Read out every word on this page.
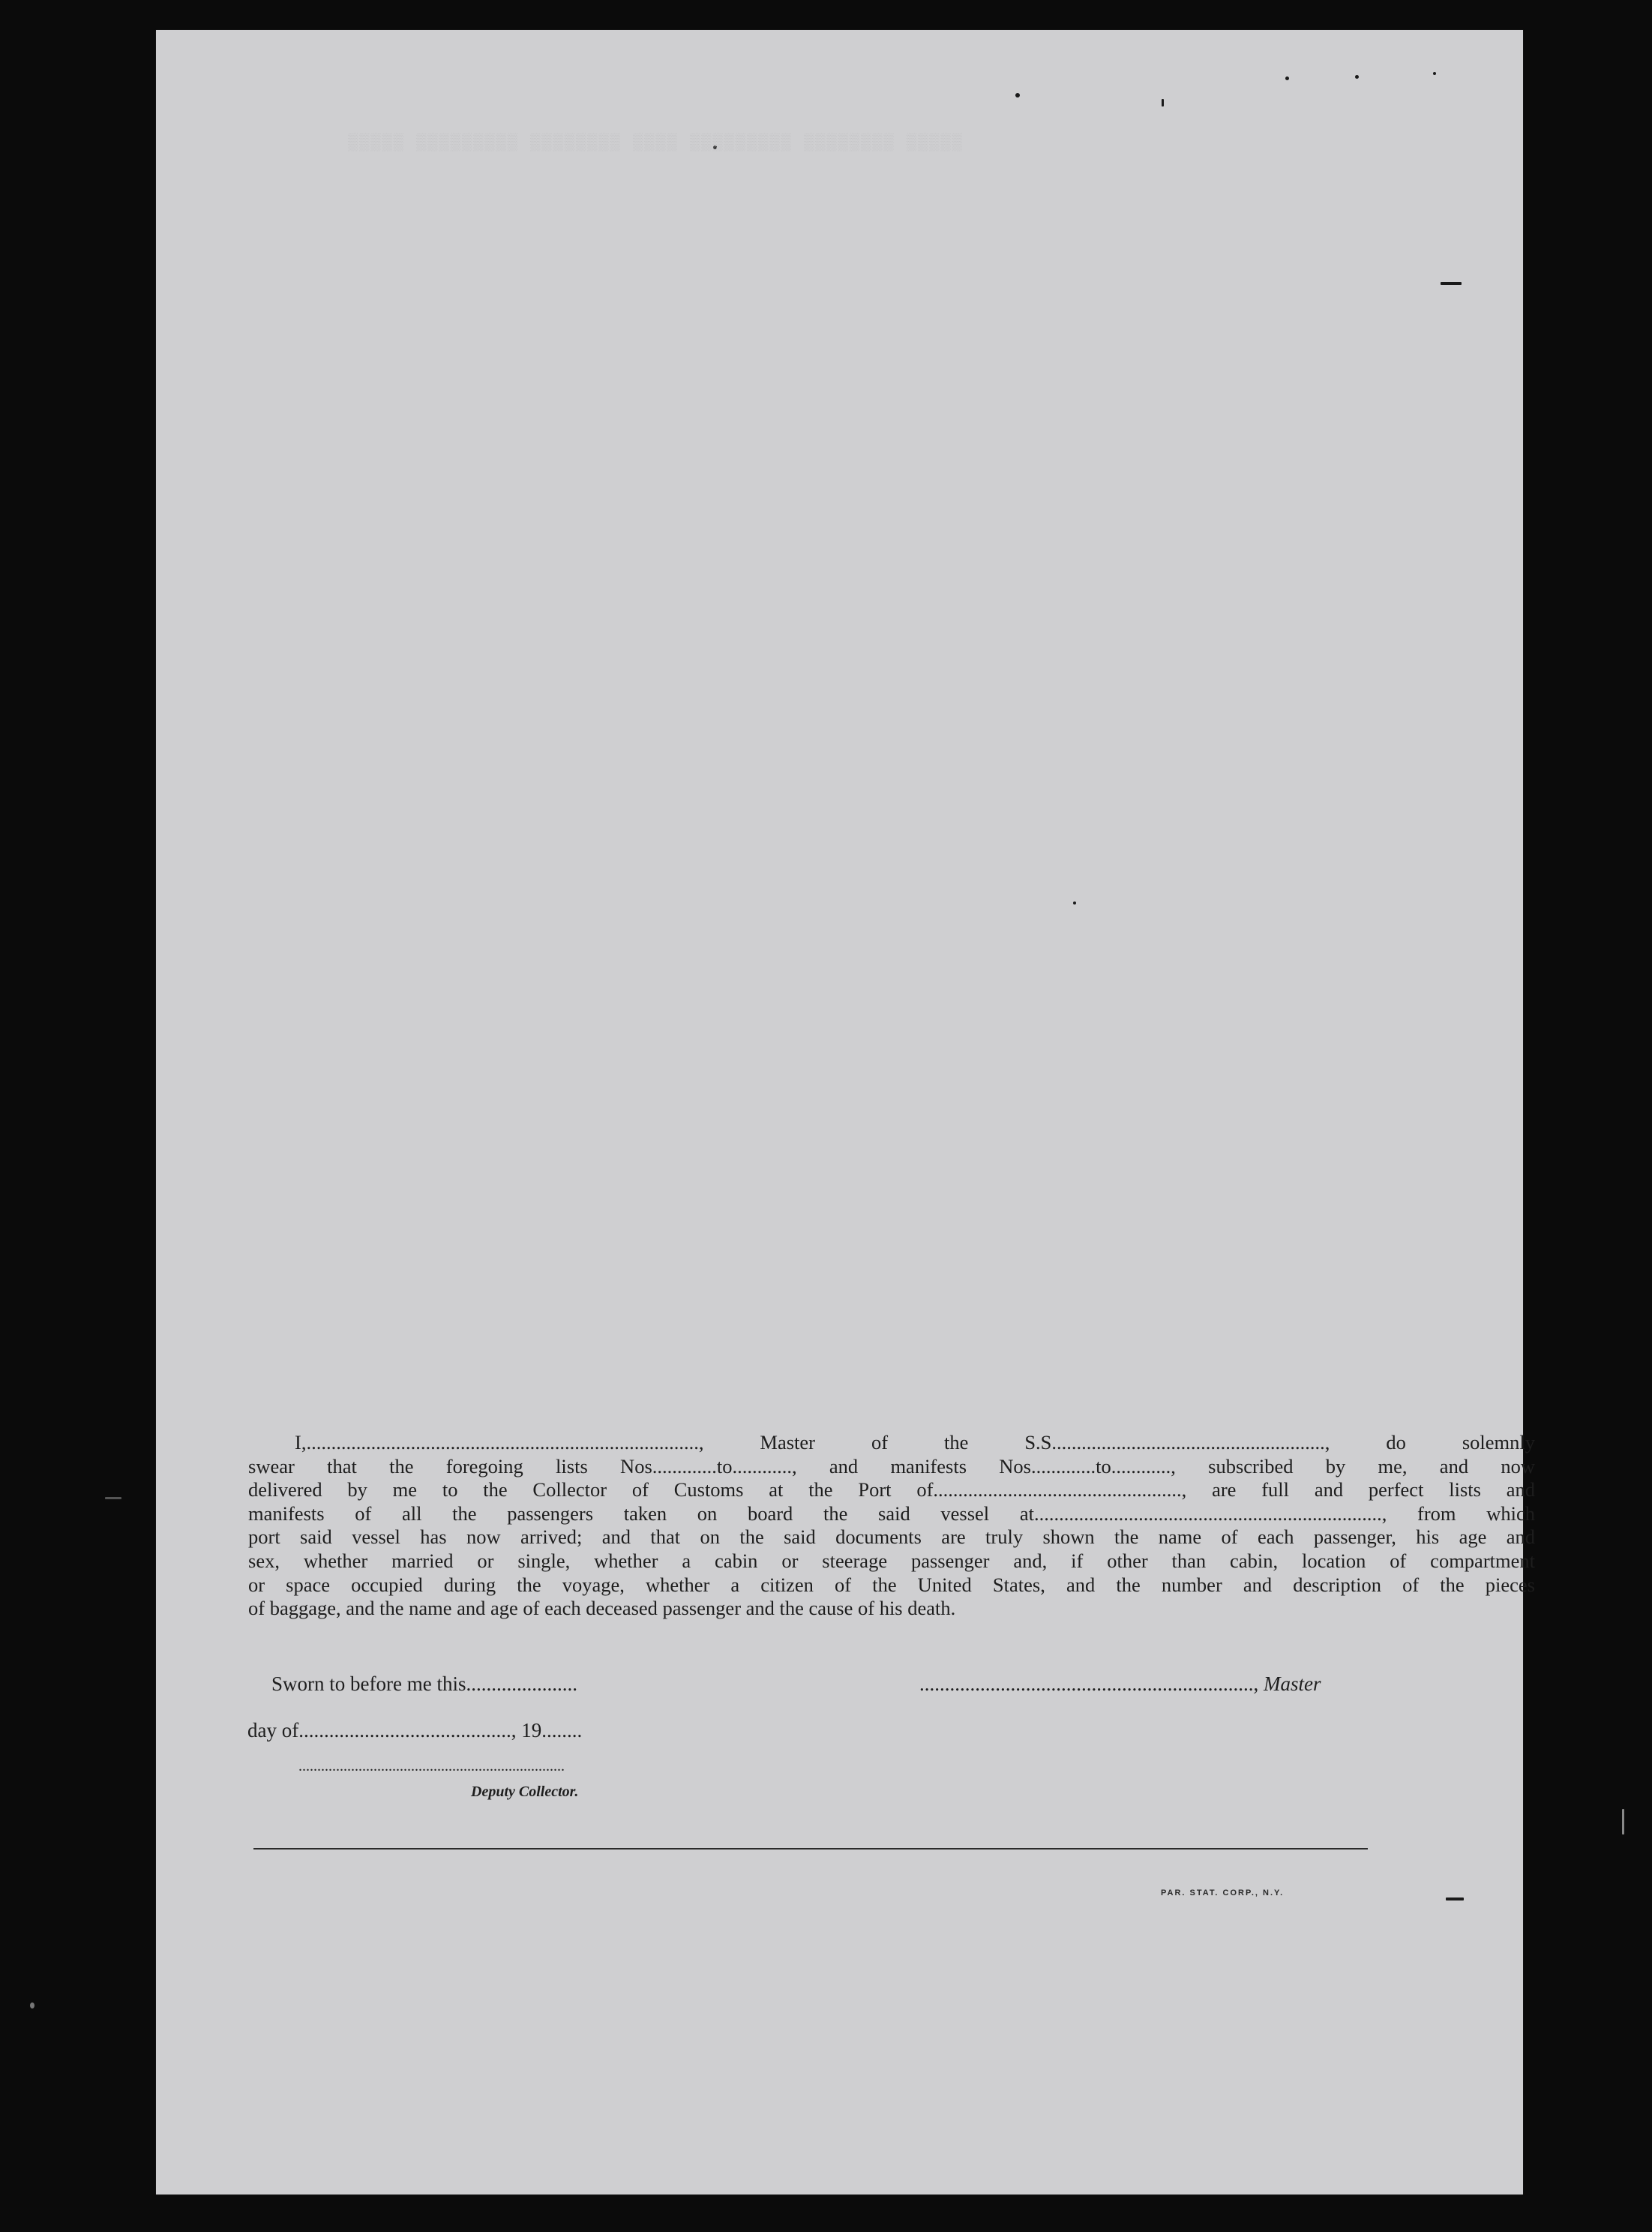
▒▒▒▒▒ ▒▒▒▒▒▒▒▒▒ ▒▒▒▒▒▒▒▒ ▒▒▒▒ ▒▒▒▒▒▒▒▒▒ ▒▒▒▒▒▒▒▒ ▒▒▒▒▒
I,..............................................................................., Master of the S.S......................................................., do solemnly
swear that the foregoing lists Nos.............to............, and manifests Nos.............to............, subscribed by me, and now
delivered by me to the Collector of Customs at the Port of.................................................., are full and perfect lists and
manifests of all the passengers taken on board the said vessel at......................................................................, from which
port said vessel has now arrived; and that on the said documents are truly shown the name of each passenger, his age and
sex, whether married or single, whether a cabin or steerage passenger and, if other than cabin, location of compartment
or space occupied during the voyage, whether a citizen of the United States, and the number and description of the pieces
of baggage, and the name and age of each deceased passenger and the cause of his death.
Sworn to before me this......................	.................................................................., Master
day of.........................................., 19........
.......................................................................
Deputy Collector.
PAR. STAT. CORP., N.Y.
